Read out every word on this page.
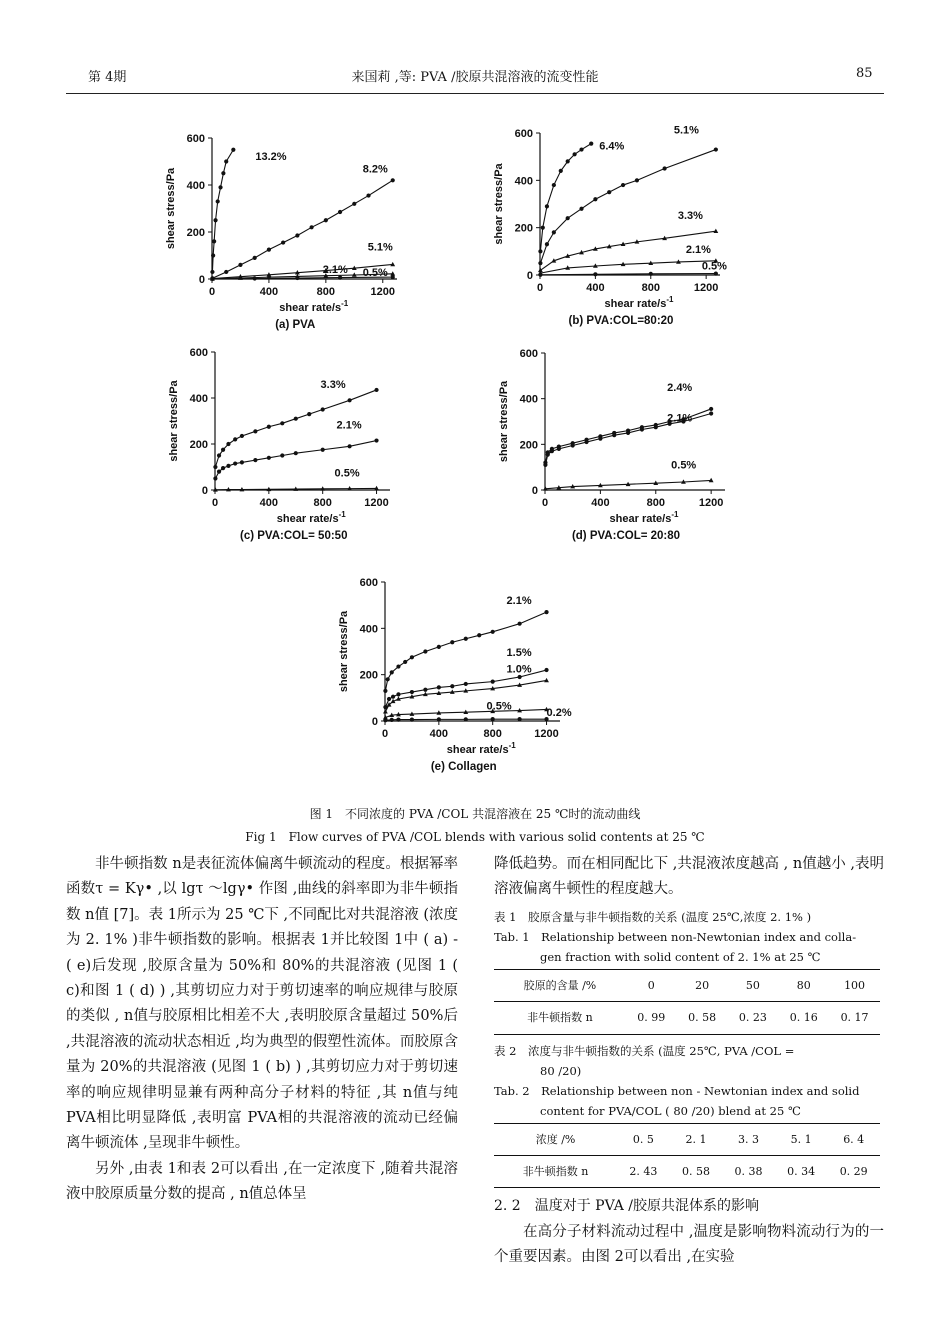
第 4期	来国莉 ,等: PVA /胶原共混溶液的流变性能	85
0
200
400
600
0	400	800	1200
shear rate/$s^{-1}$
shear stress/Pa
(a) PVA
13.2%
8.2%
5.1%
2.1% 0.5%	0
200
400
600
0	400	800	1200
shear rate/$s^{-1}$
shear stress/Pa
(b) PVA:COL=80:20
6.4%
5.1%
3.3%
2.1%
0.5%
0
200
400
600
0	400	800	1200
shear rate/$s^{-1}$
shear stress/Pa
(c) PVA:COL= 50:50
3.3%
2.1%
0.5%
0
200
400
600
0	400	800	1200
shear rate/$s^{-1}$
shear stress/Pa
(d) PVA:COL= 20:80
2.4%
2.1%
0.5%
0
200
400
600
0	400	800	1200
shear rate/$s^{-1}$
shear stress/Pa
(e) Collagen
2.1%
1.5%
1.0%
0.5%
0.2%
图 1　不同浓度的 PVA /COL 共混溶液在 25 ℃时的流动曲线
Fig 1　Flow curves of PVA /COL blends with various solid contents at 25 ℃

非牛顿指数 n是表征流体偏离牛顿流动的程度。根据幂率函数τ = Kγ• ,以 lgτ ～lgγ• 作图 ,曲线的斜率即为非牛顿指数 n值 [7]。表 1所示为 25 ℃下 ,不同配比对共混溶液 (浓度为 2. 1% )非牛顿指数的影响。根据表 1并比较图 1中 ( a) - ( e)后发现 ,胶原含量为 50%和 80%的共混溶液 (见图 1 ( c)和图 1 ( d) ) ,其剪切应力对于剪切速率的响应规律与胶原的类似 , n值与胶原相比相差不大 ,表明胶原含量超过 50%后 ,共混溶液的流动状态相近 ,均为典型的假塑性流体。而胶原含量为 20%的共混溶液 (见图 1 ( b) ) ,其剪切应力对于剪切速率的响应规律明显兼有两种高分子材料的特征 ,其 n值与纯 PVA相比明显降低 ,表明富 PVA相的共混溶液的流动已经偏离牛顿流体 ,呈现非牛顿性。

另外 ,由表 1和表 2可以看出 ,在一定浓度下 ,随着共混溶液中胶原质量分数的提高 , n值总体呈

降低趋势。而在相同配比下 ,共混液浓度越高 , n值越小 ,表明溶液偏离牛顿性的程度越大。

表 1　胶原含量与非牛顿指数的关系 (温度 25℃,浓度 2. 1% )
Tab. 1　Relationship between non-Newtonian index and colla-
gen fraction with solid content of 2. 1% at 25 ℃
胶原的含量 /%	0	20	50	80	100
非牛顿指数 n	0. 99	0. 58	0. 23	0. 16	0. 17
表 2　浓度与非牛顿指数的关系 (温度 25℃, PVA /COL =
80 /20)
Tab. 2　Relationship between non - Newtonian index and solid
content for PVA/COL ( 80 /20) blend at 25 ℃
浓度 /%	0. 5	2. 1	3. 3	5. 1	6. 4
非牛顿指数 n	2. 43	0. 58	0. 38	0. 34	0. 29
2. 2　温度对于 PVA /胶原共混体系的影响

在高分子材料流动过程中 ,温度是影响物料流动行为的一个重要因素。由图 2可以看出 ,在实验
